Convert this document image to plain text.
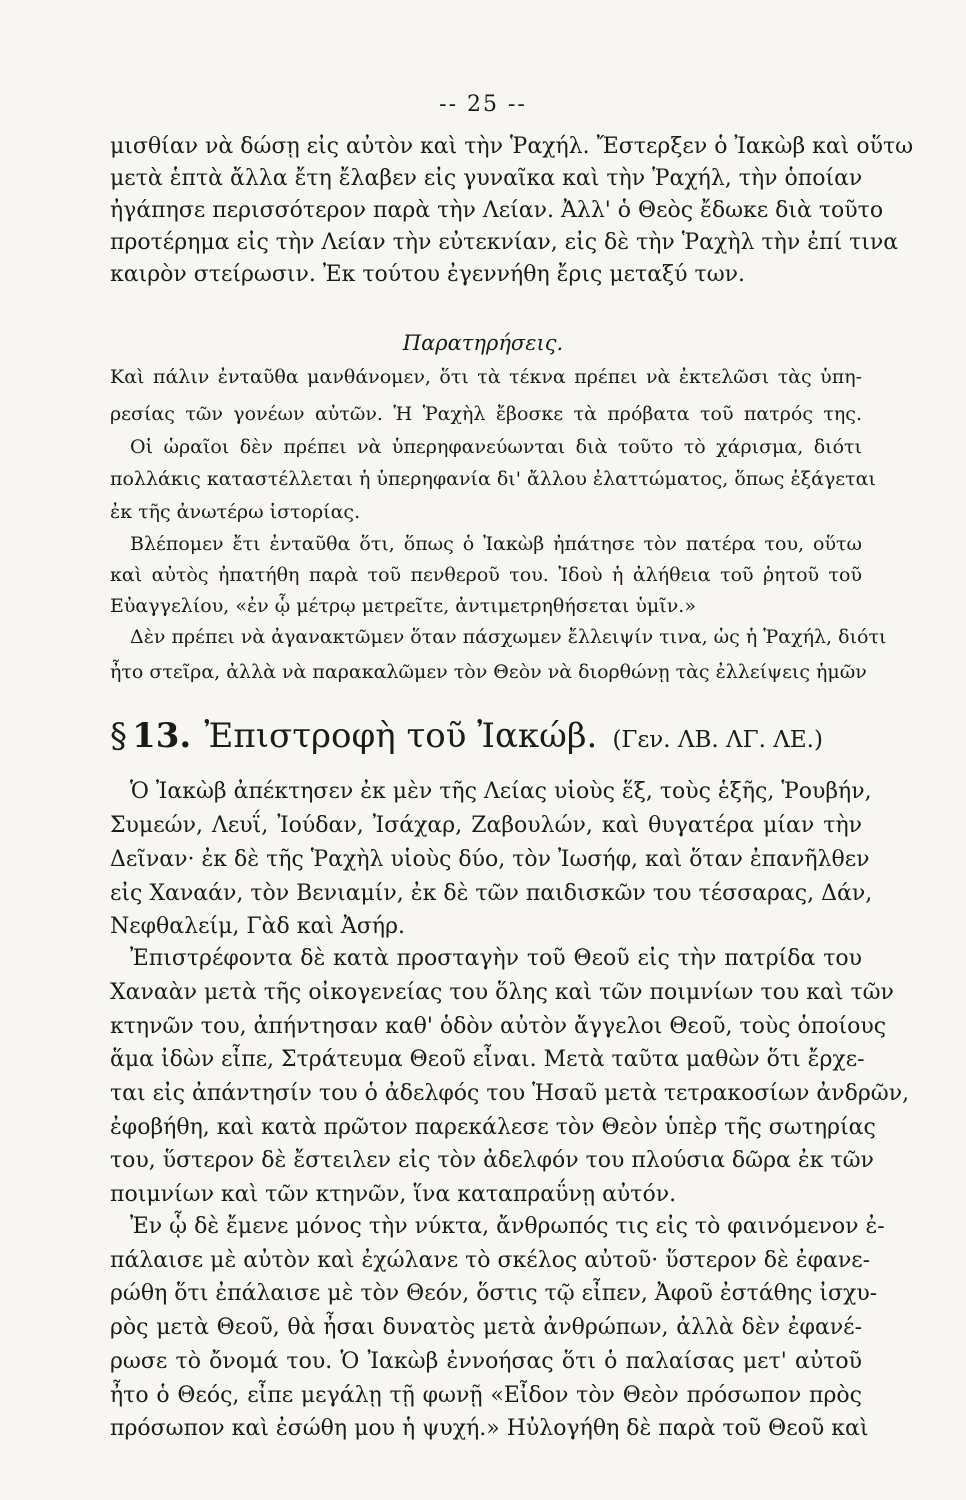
-- 25 --

μισθίαν νὰ δώσῃ εἰς αὐτὸν καὶ τὴν Ῥαχήλ. Ἔστερξεν ὁ Ἰακὼβ καὶ οὕτω

μετὰ ἑπτὰ ἄλλα ἔτη ἔλαβεν εἰς γυναῖκα καὶ τὴν Ῥαχήλ, τὴν ὁποίαν

ἠγάπησε περισσότερον παρὰ τὴν Λείαν. Ἀλλ' ὁ Θεὸς ἔδωκε διὰ τοῦτο

προτέρημα εἰς τὴν Λείαν τὴν εὐτεκνίαν, εἰς δὲ τὴν Ῥαχὴλ τὴν ἐπί τινα

καιρὸν στείρωσιν. Ἐκ τούτου ἐγεννήθη ἔρις μεταξύ των.

Παρατηρήσεις.

Καὶ πάλιν ἐνταῦθα μανθάνομεν, ὅτι τὰ τέκνα πρέπει νὰ ἐκτελῶσι τὰς ὑπη-

ρεσίας τῶν γονέων αὐτῶν. Ἡ Ῥαχὴλ ἔβοσκε τὰ πρόβατα τοῦ πατρός της.

Οἱ ὡραῖοι δὲν πρέπει νὰ ὑπερηφανεύωνται διὰ τοῦτο τὸ χάρισμα, διότι

πολλάκις καταστέλλεται ἡ ὑπερηφανία δι' ἄλλου ἐλαττώματος, ὅπως ἐξάγεται

ἐκ τῆς ἀνωτέρω ἱστορίας.

Βλέπομεν ἔτι ἐνταῦθα ὅτι, ὅπως ὁ Ἰακὼβ ἠπάτησε τὸν πατέρα του, οὕτω

καὶ αὐτὸς ἠπατήθη παρὰ τοῦ πενθεροῦ του. Ἰδοὺ ἡ ἀλήθεια τοῦ ῥητοῦ τοῦ

Εὐαγγελίου, «ἐν ᾧ μέτρῳ μετρεῖτε, ἀντιμετρηθήσεται ὑμῖν.»

Δὲν πρέπει νὰ ἀγανακτῶμεν ὅταν πάσχωμεν ἔλλειψίν τινα, ὡς ἡ Ῥαχήλ, διότι

ἦτο στεῖρα, ἀλλὰ νὰ παρακαλῶμεν τὸν Θεὸν νὰ διορθώνῃ τὰς ἐλλείψεις ἡμῶν

§ 13. Ἐπιστροφὴ τοῦ Ἰακώβ. (Γεν. ΛΒ. ΛΓ. ΛΕ.)

Ὁ Ἰακὼβ ἀπέκτησεν ἐκ μὲν τῆς Λείας υἱοὺς ἕξ, τοὺς ἑξῆς, Ῥουβήν,

Συμεών, Λευΐ, Ἰούδαν, Ἰσάχαρ, Ζαβουλών, καὶ θυγατέρα μίαν τὴν

Δεῖναν· ἐκ δὲ τῆς Ῥαχὴλ υἱοὺς δύο, τὸν Ἰωσήφ, καὶ ὅταν ἐπανῆλθεν

εἰς Χαναάν, τὸν Βενιαμίν, ἐκ δὲ τῶν παιδισκῶν του τέσσαρας, Δάν,

Νεφθαλείμ, Γὰδ καὶ Ἀσήρ.

Ἐπιστρέφοντα δὲ κατὰ προσταγὴν τοῦ Θεοῦ εἰς τὴν πατρίδα του

Χαναὰν μετὰ τῆς οἰκογενείας του ὅλης καὶ τῶν ποιμνίων του καὶ τῶν

κτηνῶν του, ἀπήντησαν καθ' ὁδὸν αὐτὸν ἄγγελοι Θεοῦ, τοὺς ὁποίους

ἅμα ἰδὼν εἶπε, Στράτευμα Θεοῦ εἶναι. Μετὰ ταῦτα μαθὼν ὅτι ἔρχε-

ται εἰς ἀπάντησίν του ὁ ἀδελφός του Ἡσαῦ μετὰ τετρακοσίων ἀνδρῶν,

ἐφοβήθη, καὶ κατὰ πρῶτον παρεκάλεσε τὸν Θεὸν ὑπὲρ τῆς σωτηρίας

του, ὕστερον δὲ ἔστειλεν εἰς τὸν ἀδελφόν του πλούσια δῶρα ἐκ τῶν

ποιμνίων καὶ τῶν κτηνῶν, ἵνα καταπραΰνῃ αὐτόν.

Ἐν ᾧ δὲ ἔμενε μόνος τὴν νύκτα, ἄνθρωπός τις εἰς τὸ φαινόμενον ἐ-

πάλαισε μὲ αὐτὸν καὶ ἐχώλανε τὸ σκέλος αὐτοῦ· ὕστερον δὲ ἐφανε-

ρώθη ὅτι ἐπάλαισε μὲ τὸν Θεόν, ὅστις τῷ εἶπεν, Ἀφοῦ ἐστάθης ἰσχυ-

ρὸς μετὰ Θεοῦ, θὰ ἦσαι δυνατὸς μετὰ ἀνθρώπων, ἀλλὰ δὲν ἐφανέ-

ρωσε τὸ ὄνομά του. Ὁ Ἰακὼβ ἐννοήσας ὅτι ὁ παλαίσας μετ' αὐτοῦ

ἦτο ὁ Θεός, εἶπε μεγάλῃ τῇ φωνῇ «Εἶδον τὸν Θεὸν πρόσωπον πρὸς

πρόσωπον καὶ ἐσώθη μου ἡ ψυχή.» Ηὐλογήθη δὲ παρὰ τοῦ Θεοῦ καὶ
